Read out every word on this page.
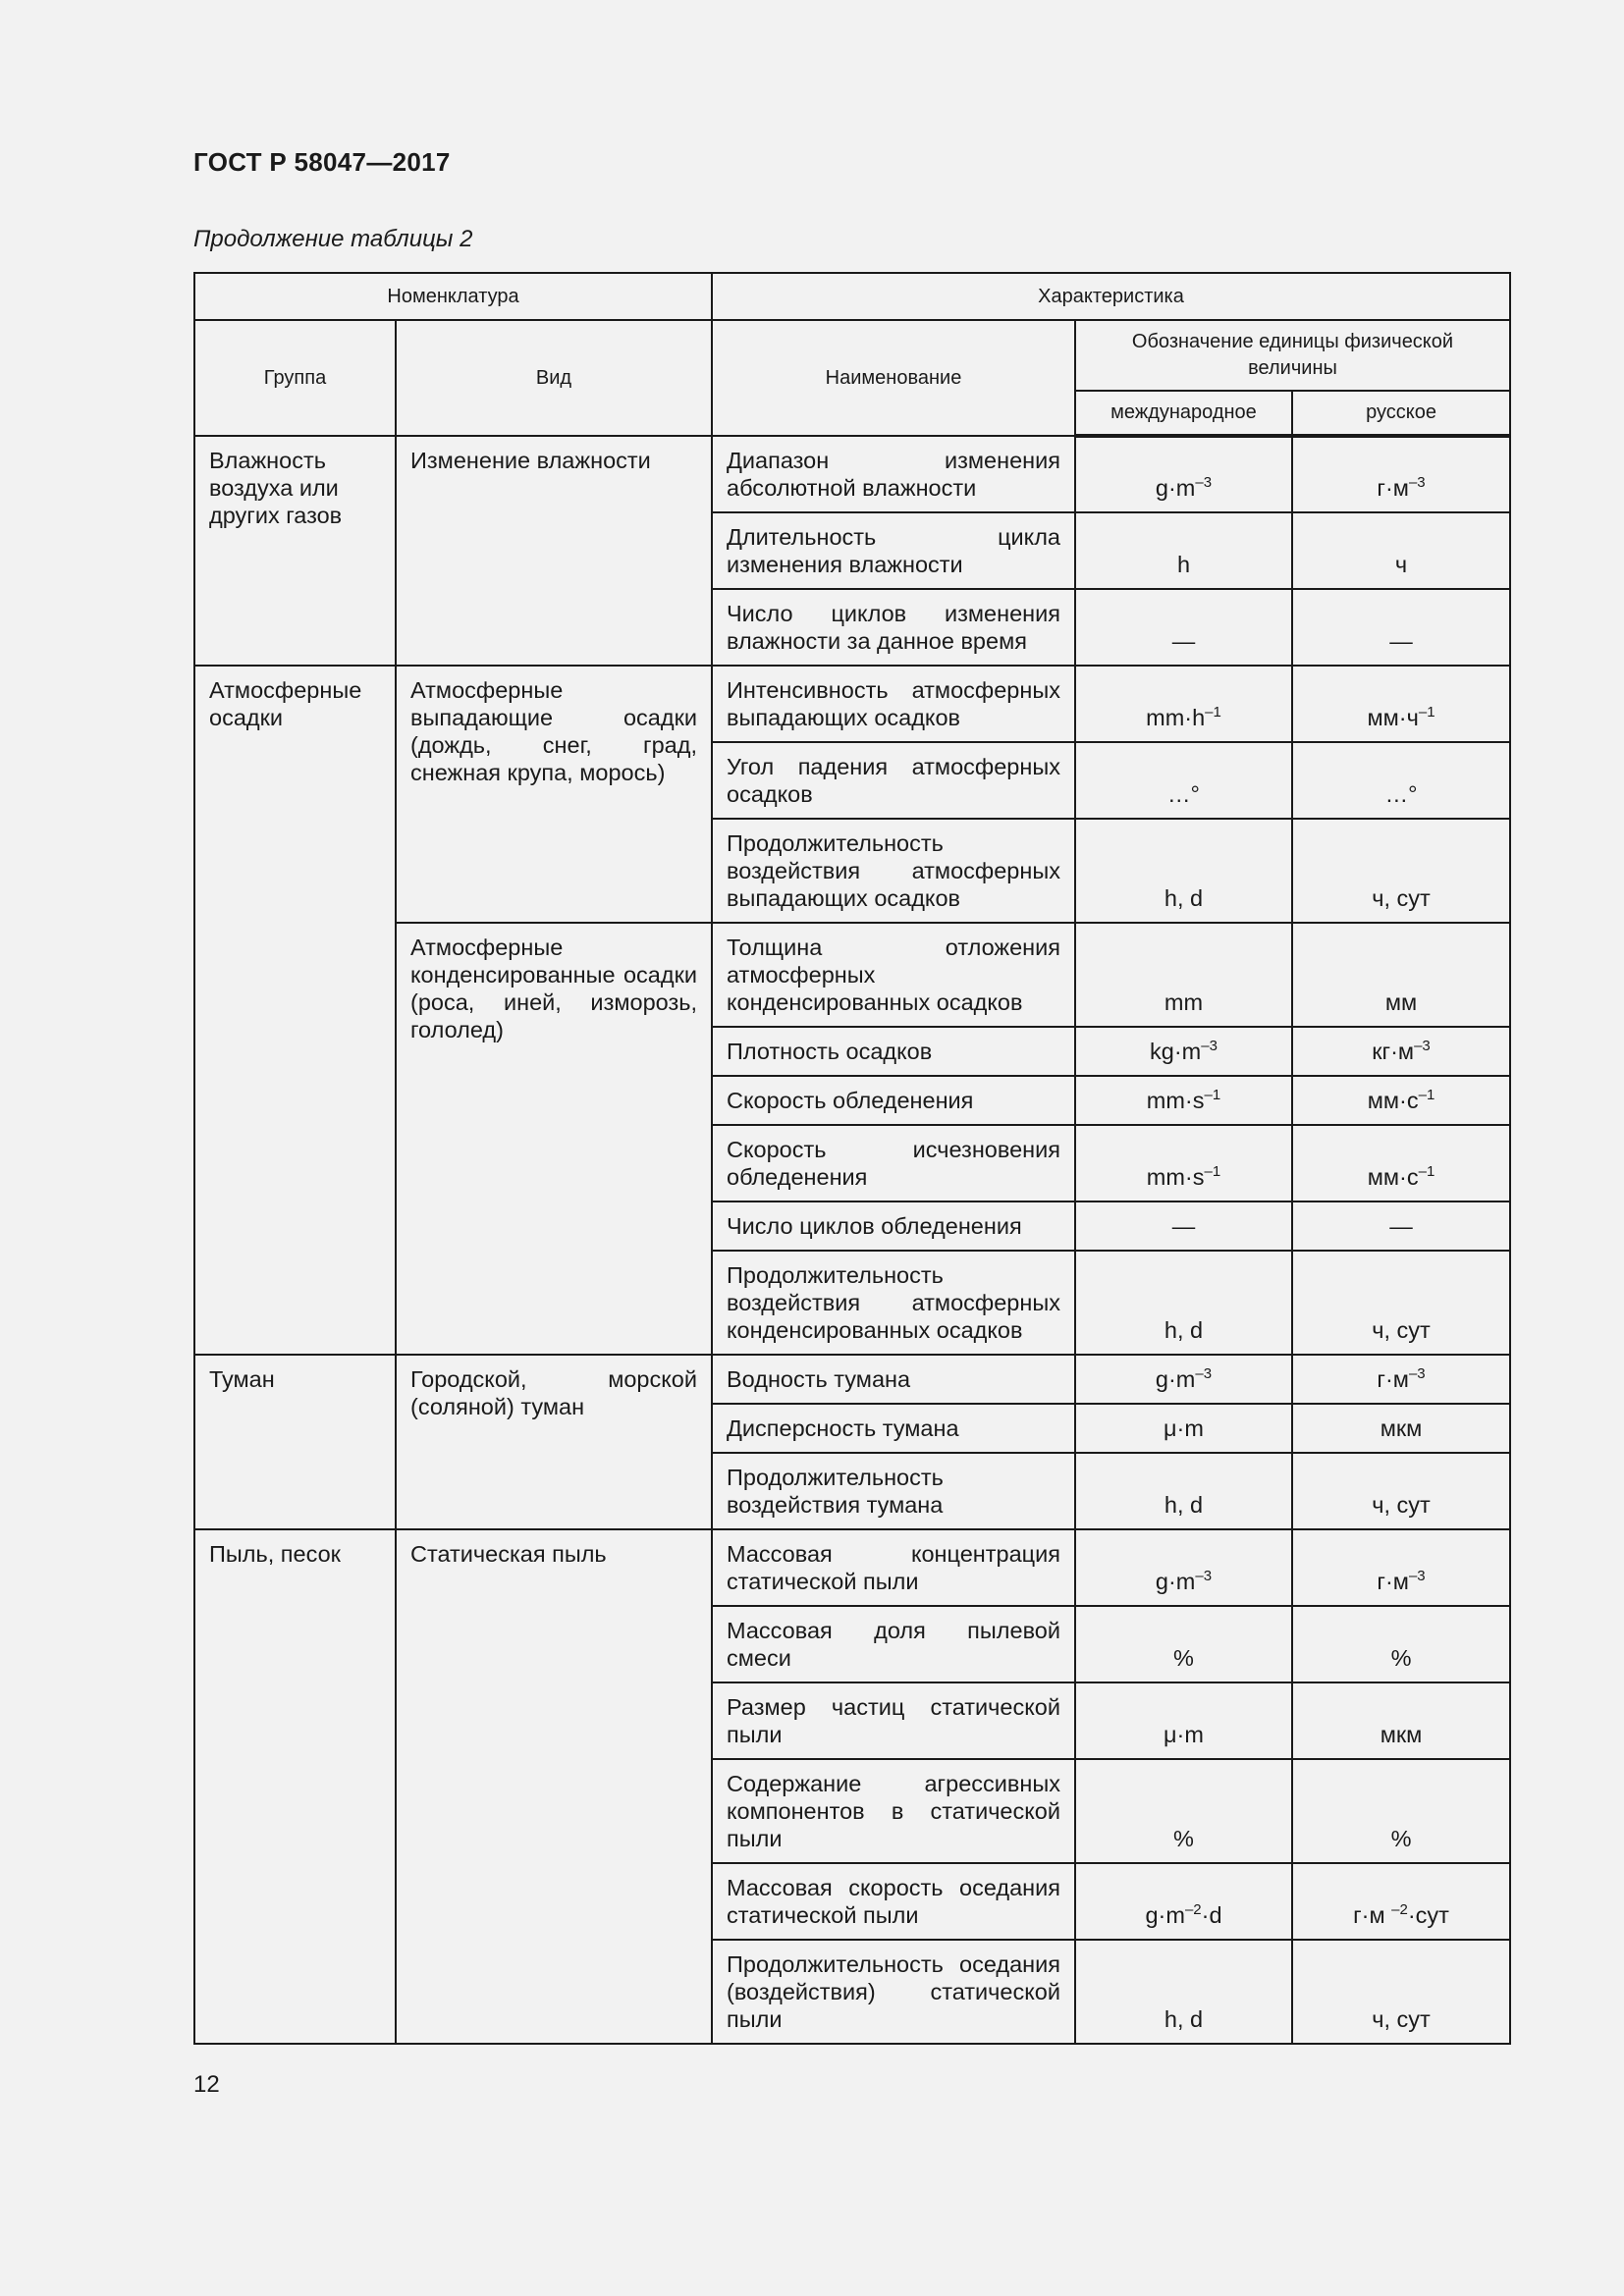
ГОСТ Р 58047—2017
Продолжение таблицы 2
Номенклатура		Характеристика		
Группа	Вид	Наименование	Обозначение единицы физической величины	
			международное	русское

Влажность воздуха или других газов	Изменение влажности	Диапазон изменения абсолютной влажности	$g\cdot m^{-3}$	$г\cdot м^{-3}$

		Длительность цикла изменения влажности	h	ч

		Число циклов изменения влажности за данное время	—	—

Атмосферные осадки	Атмосферные выпадающие осадки (дождь, снег, град, снежная крупа, морось)	Интенсивность атмосферных выпадающих осадков	$mm\cdot h^{-1}$	$мм\cdot ч^{-1}$

		Угол падения атмосферных осадков	…°	…°

		Продолжительность воздействия атмосферных выпадающих осадков	h, d	ч, сут

	Атмосферные конденсированные осадки (роса, иней, изморозь, гололед)	Толщина отложения атмосферных конденсированных осадков	mm	мм

		Плотность осадков	$kg\cdot m^{-3}$	$кг\cdot м^{-3}$

		Скорость обледенения	$mm\cdot s^{-1}$	$мм\cdot с^{-1}$

		Скорость исчезновения обледенения	$mm\cdot s^{-1}$	$мм\cdot с^{-1}$

		Число циклов обледенения	—	—

		Продолжительность воздействия атмосферных конденсированных осадков	h, d	ч, сут

Туман	Городской, морской (соляной) туман	Водность тумана	$g\cdot m^{-3}$	$г\cdot м^{-3}$

		Дисперсность тумана	μ·m	мкм

		Продолжительность воздействия тумана	h, d	ч, сут

Пыль, песок	Статическая пыль	Массовая концентрация статической пыли	$g\cdot m^{-3}$	$г\cdot м^{-3}$

		Массовая доля пылевой смеси	%	%

		Размер частиц статической пыли	μ·m	мкм

		Содержание агрессивных компонентов в статической пыли	%	%

		Массовая скорость оседания статической пыли	$g\cdot m^{-2}\cdot d$	г·м $^{-2}$·сут

		Продолжительность оседания (воздействия) статической пыли	h, d	ч, сут
12
